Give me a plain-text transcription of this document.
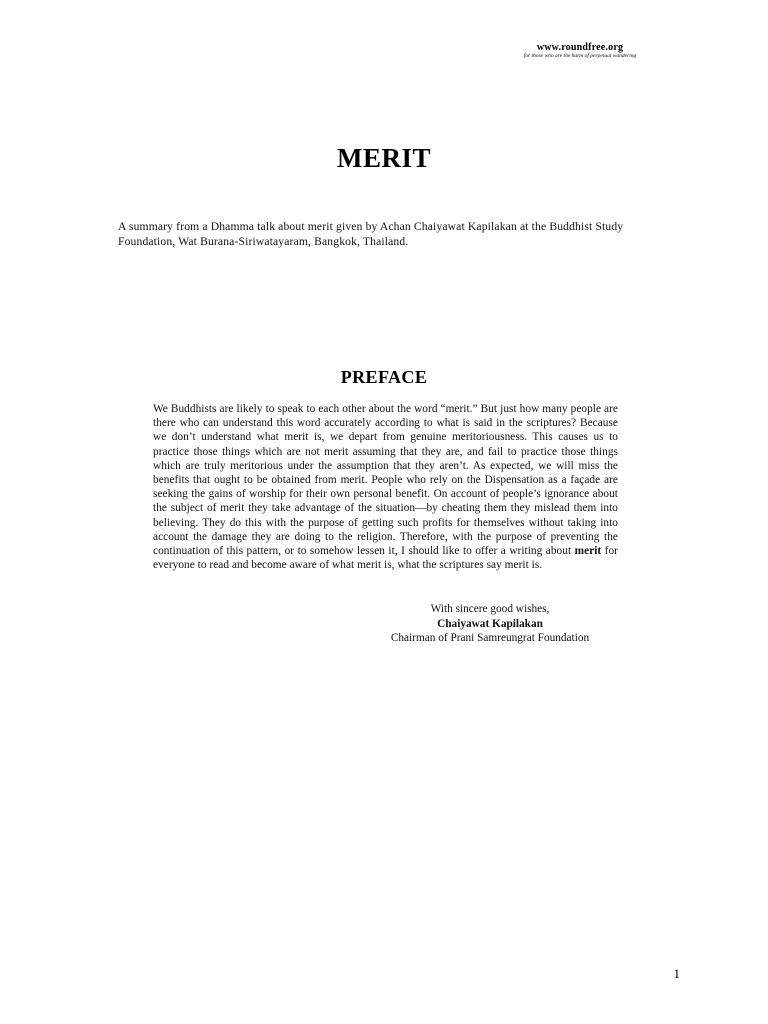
www.roundfree.org
for those who are the harm of perpetual wandering
MERIT
A summary from a Dhamma talk about merit given by Achan Chaiyawat Kapilakan at the Buddhist Study Foundation, Wat Burana-Siriwatayaram, Bangkok, Thailand.
PREFACE

We Buddhists are likely to speak to each other about the word “merit.” But just how many people are there who can understand this word accurately according to what is said in the scriptures? Because we don’t understand what merit is, we depart from genuine meritoriousness. This causes us to practice those things which are not merit assuming that they are, and fail to practice those things which are truly meritorious under the assumption that they aren’t. As expected, we will miss the benefits that ought to be obtained from merit. People who rely on the Dispensation as a façade are seeking the gains of worship for their own personal benefit. On account of people’s ignorance about the subject of merit they take advantage of the situation—by cheating them they mislead them into believing. They do this with the purpose of getting such profits for themselves without taking into account the damage they are doing to the religion. Therefore, with the purpose of preventing the continuation of this pattern, or to somehow lessen it, I should like to offer a writing about merit for everyone to read and become aware of what merit is, what the scriptures say merit is.

With sincere good wishes,
Chaiyawat Kapilakan
Chairman of Prani Samreungrat Foundation
1
